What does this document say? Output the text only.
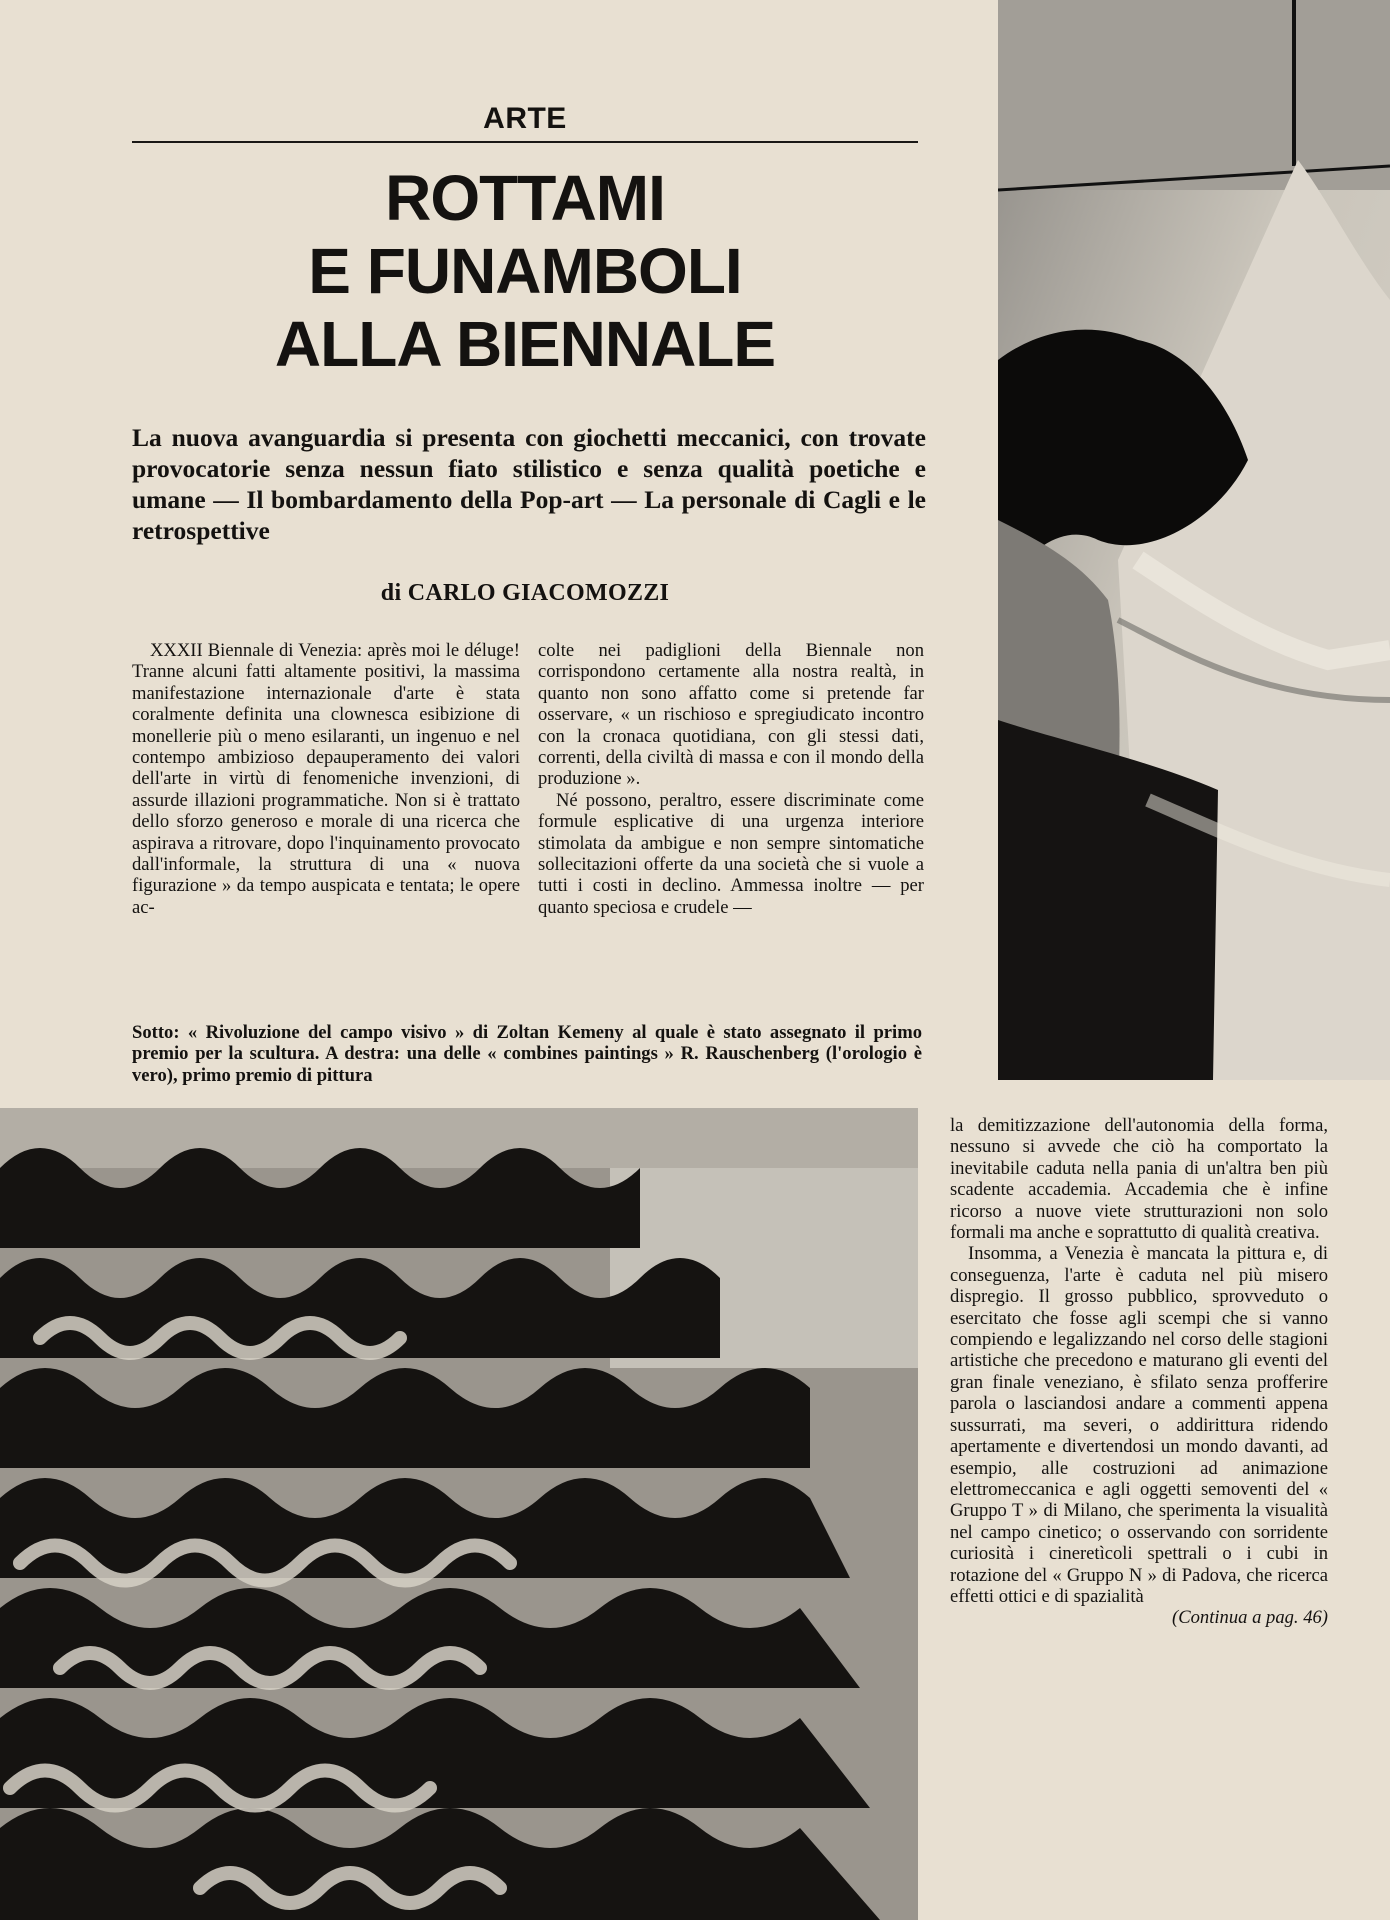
ARTE
ROTTAMI
E FUNAMBOLI
ALLA BIENNALE
La nuova avanguardia si presenta con giochetti meccanici, con trovate provocatorie senza nessun fiato stilistico e senza qualità poetiche e umane — Il bombardamento della Pop-art — La personale di Cagli e le retrospettive
di CARLO GIACOMOZZI

XXXII Biennale di Venezia: après moi le déluge! Tranne alcuni fatti altamente positivi, la massima manifestazione internazionale d'arte è stata coralmente definita una clownesca esibizione di monellerie più o meno esilaranti, un ingenuo e nel contempo ambizioso depauperamento dei valori dell'arte in virtù di fenomeniche invenzioni, di assurde illazioni programmatiche. Non si è trattato dello sforzo generoso e morale di una ricerca che aspirava a ritrovare, dopo l'inquinamento provocato dall'informale, la struttura di una « nuova figurazione » da tempo auspicata e tentata; le opere ac-

colte nei padiglioni della Biennale non corrispondono certamente alla nostra realtà, in quanto non sono affatto come si pretende far osservare, « un rischioso e spregiudicato incontro con la cronaca quotidiana, con gli stessi dati, correnti, della civiltà di massa e con il mondo della produzione ».

Né possono, peraltro, essere discriminate come formule esplicative di una urgenza interiore stimolata da ambigue e non sempre sintomatiche sollecitazioni offerte da una società che si vuole a tutti i costi in declino. Ammessa inoltre — per quanto speciosa e crudele —

Sotto: « Rivoluzione del campo visivo » di Zoltan Kemeny al quale è stato assegnato il primo premio per la scultura. A destra: una delle « combines paintings » R. Rauschenberg (l'orologio è vero), primo premio di pittura

la demitizzazione dell'autonomia della forma, nessuno si avvede che ciò ha comportato la inevitabile caduta nella pania di un'altra ben più scadente accademia. Accademia che è infine ricorso a nuove viete strutturazioni non solo formali ma anche e soprattutto di qualità creativa.

Insomma, a Venezia è mancata la pittura e, di conseguenza, l'arte è caduta nel più misero dispregio. Il grosso pubblico, sprovveduto o esercitato che fosse agli scempi che si vanno compiendo e legalizzando nel corso delle stagioni artistiche che precedono e maturano gli eventi del gran finale veneziano, è sfilato senza profferire parola o lasciandosi andare a commenti appena sussurrati, ma severi, o addirittura ridendo apertamente e divertendosi un mondo davanti, ad esempio, alle costruzioni ad animazione elettromeccanica e agli oggetti semoventi del « Gruppo T » di Milano, che sperimenta la visualità nel campo cinetico; o osservando con sorridente curiosità i cineretìcoli spettrali o i cubi in rotazione del « Gruppo N » di Padova, che ricerca effetti ottici e di spazialità

(Continua a pag. 46)
